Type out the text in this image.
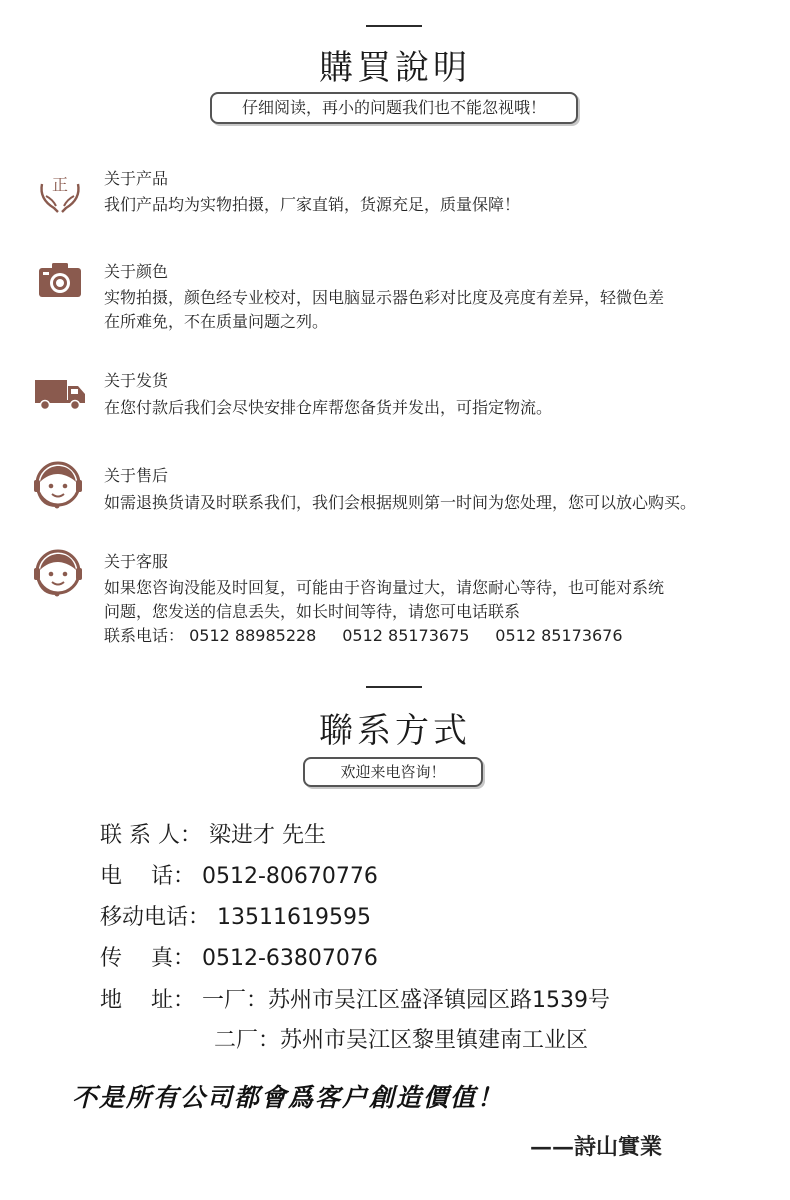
購買說明
仔细阅读，再小的问题我们也不能忽视哦！
正 关于产品
我们产品均为实物拍摄，厂家直销，货源充足，质量保障！
关于颜色
实物拍摄，颜色经专业校对，因电脑显示器色彩对比度及亮度有差异，轻微色差
在所难免，不在质量问题之列。
关于发货
在您付款后我们会尽快安排仓库帮您备货并发出，可指定物流。
关于售后
如需退换货请及时联系我们，我们会根据规则第一时间为您处理，您可以放心购买。
关于客服
如果您咨询没能及时回复，可能由于咨询量过大，请您耐心等待，也可能对系统
问题，您发送的信息丢失，如长时间等待，请您可电话联系
联系电话： 0512 88985228 0512 85173675 0512 85173676
聯系方式
欢迎来电咨询！
联 系 人： 梁进才 先生
电　 话： 0512-80670776
移动电话： 13511619595
传　 真： 0512-63807076
地　 址： 一厂：苏州市吴江区盛泽镇园区路1539号
二厂：苏州市吴江区黎里镇建南工业区
不是所有公司都會爲客户創造價值！
——詩山實業
